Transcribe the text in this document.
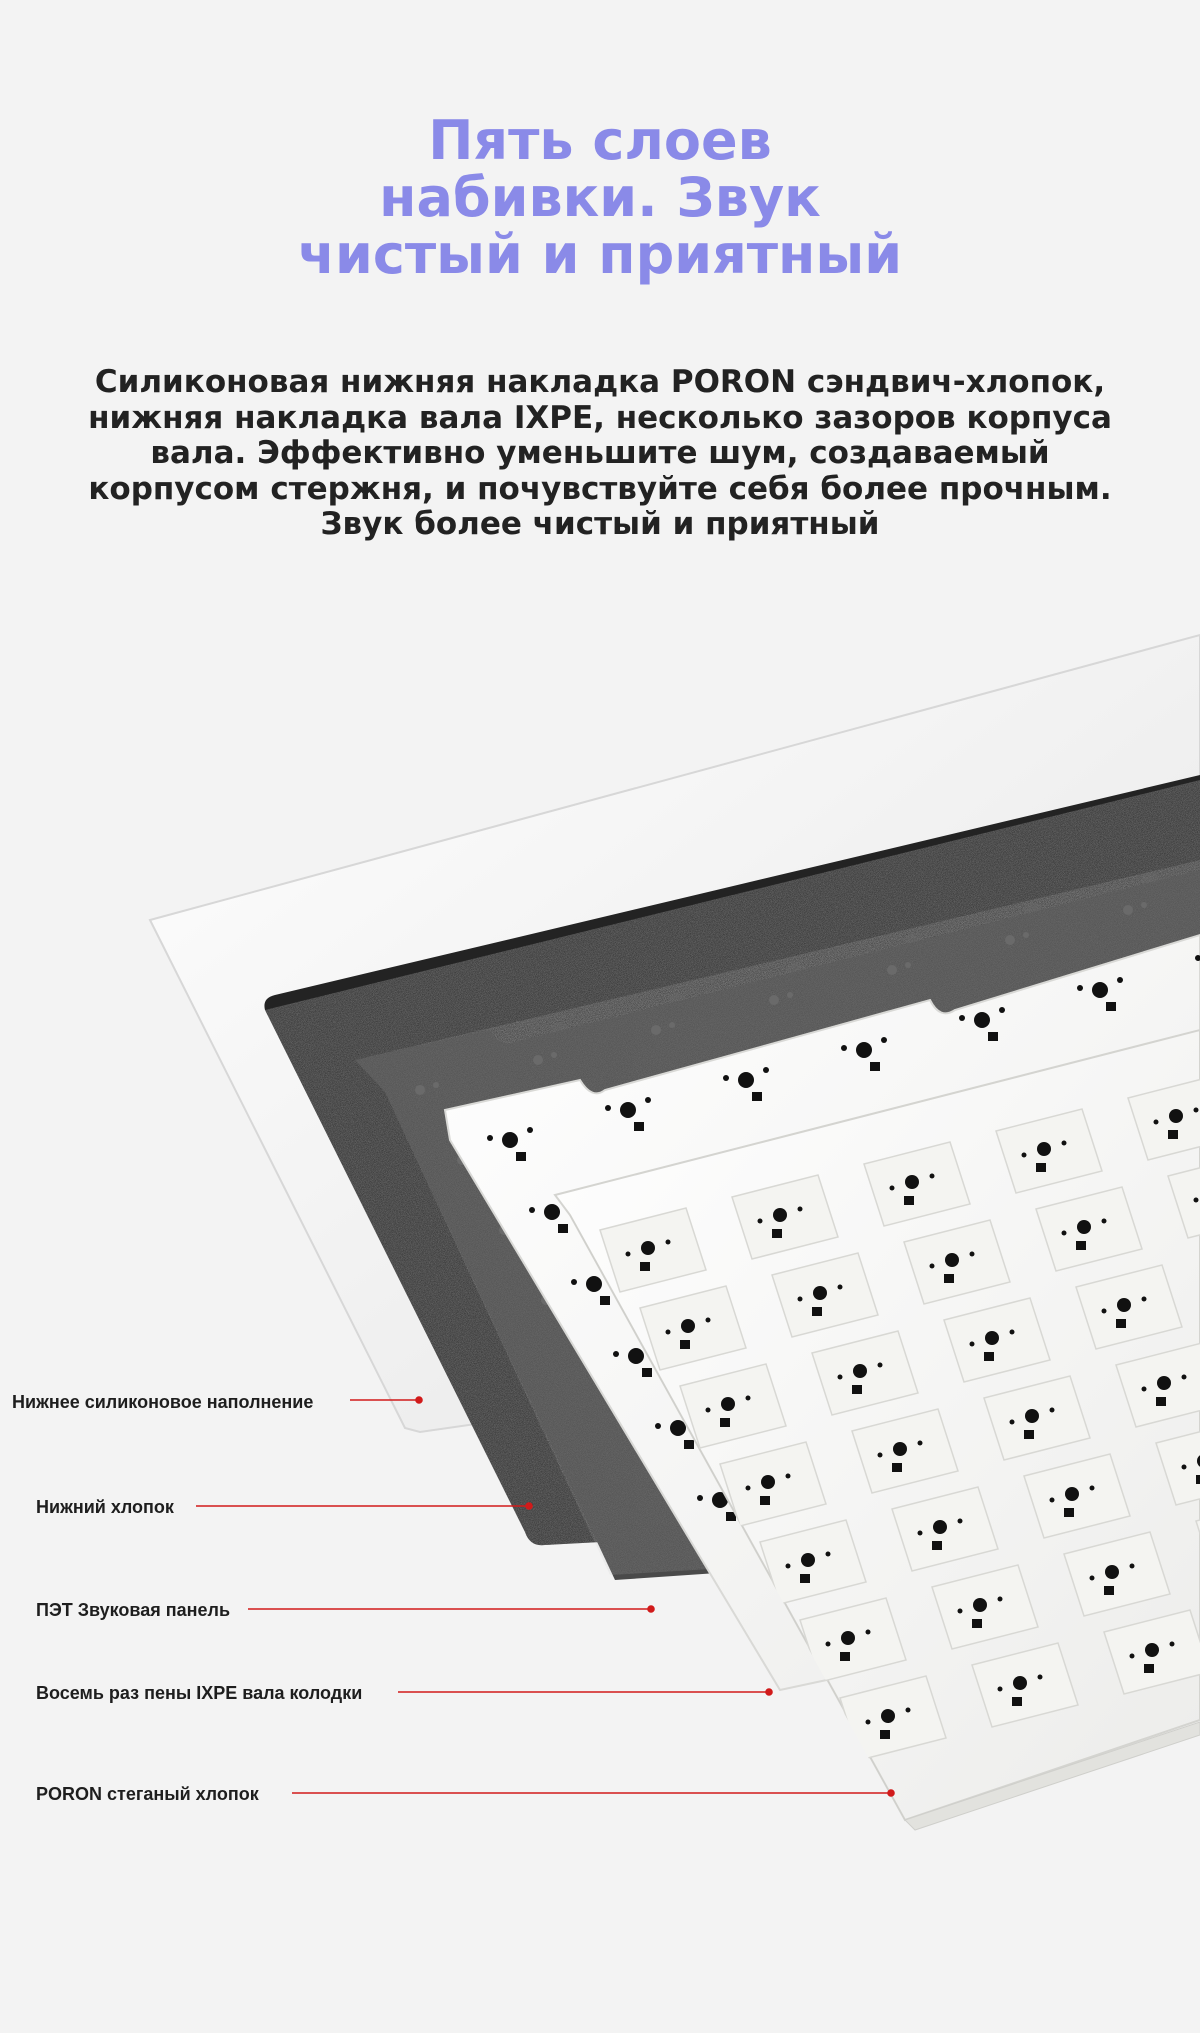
Пять слоев
набивки. Звук
чистый и приятный
Силиконовая нижняя накладка PORON сэндвич-хлопок,
нижняя накладка вала IXPE, несколько зазоров корпуса
вала. Эффективно уменьшите шум, создаваемый
корпусом стержня, и почувствуйте себя более прочным.
Звук более чистый и приятный
Нижнее силиконовое наполнение
Нижний хлопок
ПЭТ Звуковая панель
Восемь раз пены IXPE вала колодки
PORON стеганый хлопок
